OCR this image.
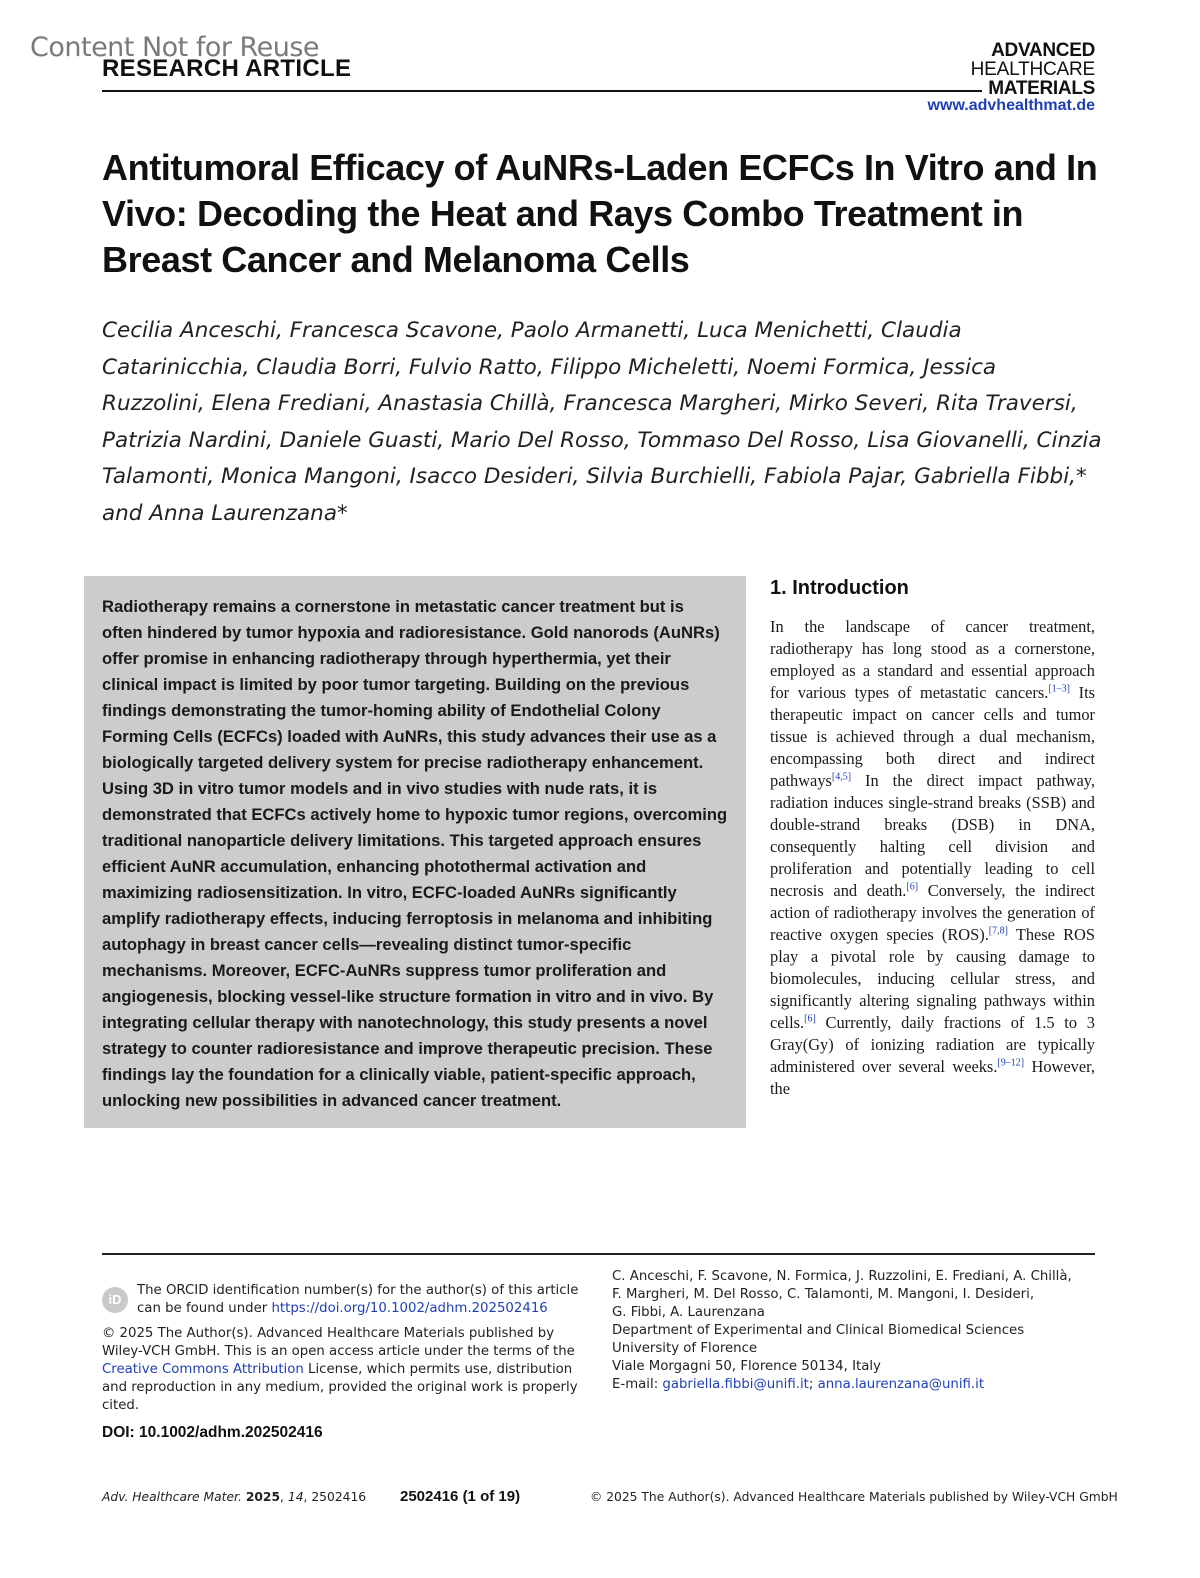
Content Not for Reuse
RESEARCH ARTICLE
ADVANCED
HEALTHCARE
MATERIALS
www.advhealthmat.de
Antitumoral Efficacy of AuNRs-Laden ECFCs In Vitro and In Vivo: Decoding the Heat and Rays Combo Treatment in Breast Cancer and Melanoma Cells

Cecilia Anceschi, Francesca Scavone, Paolo Armanetti, Luca Menichetti, Claudia Catarinicchia, Claudia Borri, Fulvio Ratto, Filippo Micheletti, Noemi Formica, Jessica Ruzzolini, Elena Frediani, Anastasia Chillà, Francesca Margheri, Mirko Severi, Rita Traversi, Patrizia Nardini, Daniele Guasti, Mario Del Rosso, Tommaso Del Rosso, Lisa Giovanelli, Cinzia Talamonti, Monica Mangoni, Isacco Desideri, Silvia Burchielli, Fabiola Pajar, Gabriella Fibbi,* and Anna Laurenzana*

Radiotherapy remains a cornerstone in metastatic cancer treatment but is often hindered by tumor hypoxia and radioresistance. Gold nanorods (AuNRs) offer promise in enhancing radiotherapy through hyperthermia, yet their clinical impact is limited by poor tumor targeting. Building on the previous findings demonstrating the tumor-homing ability of Endothelial Colony Forming Cells (ECFCs) loaded with AuNRs, this study advances their use as a biologically targeted delivery system for precise radiotherapy enhancement. Using 3D in vitro tumor models and in vivo studies with nude rats, it is demonstrated that ECFCs actively home to hypoxic tumor regions, overcoming traditional nanoparticle delivery limitations. This targeted approach ensures efficient AuNR accumulation, enhancing photothermal activation and maximizing radiosensitization. In vitro, ECFC-loaded AuNRs significantly amplify radiotherapy effects, inducing ferroptosis in melanoma and inhibiting autophagy in breast cancer cells—revealing distinct tumor-specific mechanisms. Moreover, ECFC-AuNRs suppress tumor proliferation and angiogenesis, blocking vessel-like structure formation in vitro and in vivo. By integrating cellular therapy with nanotechnology, this study presents a novel strategy to counter radioresistance and improve therapeutic precision. These findings lay the foundation for a clinically viable, patient-specific approach, unlocking new possibilities in advanced cancer treatment.

1. Introduction

In the landscape of cancer treatment, radiotherapy has long stood as a cornerstone, employed as a standard and essential approach for various types of metastatic cancers.[1–3] Its therapeutic impact on cancer cells and tumor tissue is achieved through a dual mechanism, encompassing both direct and indirect pathways[4,5] In the direct impact pathway, radiation induces single-strand breaks (SSB) and double-strand breaks (DSB) in DNA, consequently halting cell division and proliferation and potentially leading to cell necrosis and death.[6] Conversely, the indirect action of radiotherapy involves the generation of reactive oxygen species (ROS).[7,8] These ROS play a pivotal role by causing damage to biomolecules, inducing cellular stress, and significantly altering signaling pathways within cells.[6] Currently, daily fractions of 1.5 to 3 Gray(Gy) of ionizing radiation are typically administered over several weeks.[9–12] However, the

iD

The ORCID identification number(s) for the author(s) of this article can be found under https://doi.org/10.1002/adhm.202502416

© 2025 The Author(s). Advanced Healthcare Materials published by Wiley-VCH GmbH. This is an open access article under the terms of the Creative Commons Attribution License, which permits use, distribution and reproduction in any medium, provided the original work is properly cited.

DOI: 10.1002/adhm.202502416

C. Anceschi, F. Scavone, N. Formica, J. Ruzzolini, E. Frediani, A. Chillà,
F. Margheri, M. Del Rosso, C. Talamonti, M. Mangoni, I. Desideri,
G. Fibbi, A. Laurenzana
Department of Experimental and Clinical Biomedical Sciences
University of Florence
Viale Morgagni 50, Florence 50134, Italy
E-mail: gabriella.fibbi@unifi.it; anna.laurenzana@unifi.it
Adv. Healthcare Mater. 2025, 14, 2502416 2502416 (1 of 19)	© 2025 The Author(s). Advanced Healthcare Materials published by Wiley-VCH GmbH
